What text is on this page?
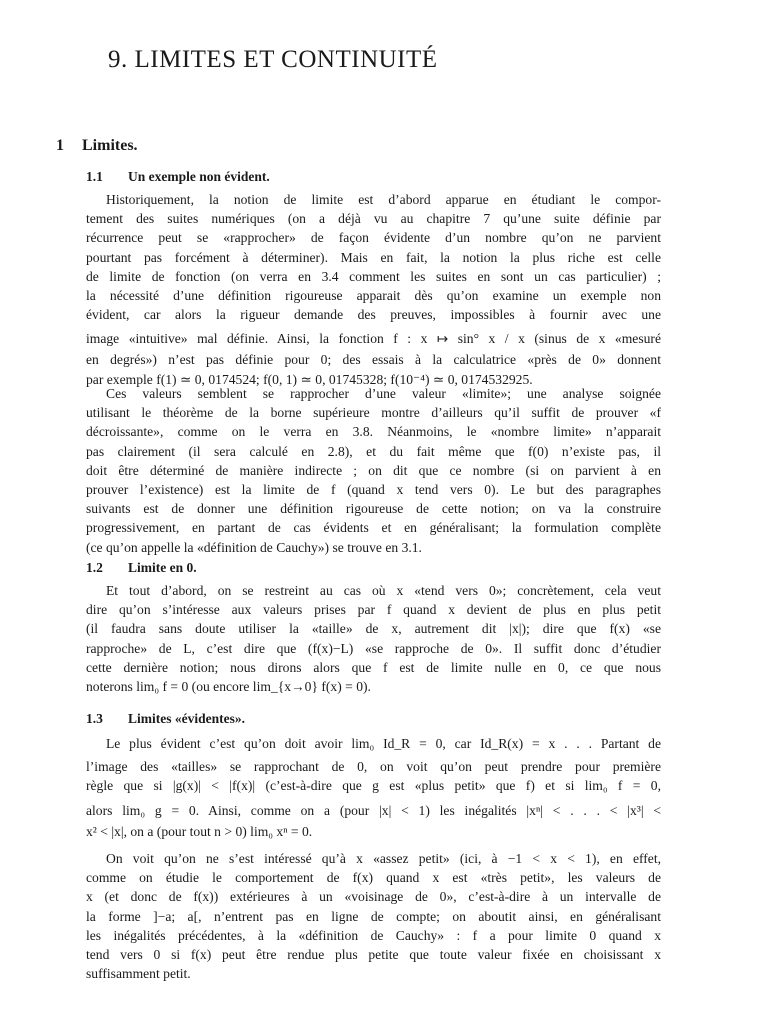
9. LIMITES ET CONTINUITÉ
1 Limites.
1.1 Un exemple non évident.
Historiquement, la notion de limite est d’abord apparue en étudiant le compor-
tement des suites numériques (on a déjà vu au chapitre 7 qu’une suite définie par
récurrence peut se «rapprocher» de façon évidente d’un nombre qu’on ne parvient
pourtant pas forcément à déterminer). Mais en fait, la notion la plus riche est celle
de limite de fonction (on verra en 3.4 comment les suites en sont un cas particulier) ;
la nécessité d’une définition rigoureuse apparait dès qu’on examine un exemple non
évident, car alors la rigueur demande des preuves, impossibles à fournir avec une
image «intuitive» mal définie. Ainsi, la fonction f : x ↦ sin° x / x (sinus de x «mesuré
en degrés») n’est pas définie pour 0; des essais à la calculatrice «près de 0» donnent
par exemple f(1) ≃ 0, 0174524; f(0, 1) ≃ 0, 01745328; f(10⁻⁴) ≃ 0, 0174532925.
Ces valeurs semblent se rapprocher d’une valeur «limite»; une analyse soignée
utilisant le théorème de la borne supérieure montre d’ailleurs qu’il suffit de prouver «f
décroissante», comme on le verra en 3.8. Néanmoins, le «nombre limite» n’apparait
pas clairement (il sera calculé en 2.8), et du fait même que f(0) n’existe pas, il
doit être déterminé de manière indirecte ; on dit que ce nombre (si on parvient à en
prouver l’existence) est la limite de f (quand x tend vers 0). Le but des paragraphes
suivants est de donner une définition rigoureuse de cette notion; on va la construire
progressivement, en partant de cas évidents et en généralisant; la formulation complète
(ce qu’on appelle la «définition de Cauchy») se trouve en 3.1.
1.2 Limite en 0.
Et tout d’abord, on se restreint au cas où x «tend vers 0»; concrètement, cela veut
dire qu’on s’intéresse aux valeurs prises par f quand x devient de plus en plus petit
(il faudra sans doute utiliser la «taille» de x, autrement dit |x|); dire que f(x) «se
rapproche» de L, c’est dire que (f(x)−L) «se rapproche de 0». Il suffit donc d’étudier
cette dernière notion; nous dirons alors que f est de limite nulle en 0, ce que nous
noterons lim₀ f = 0 (ou encore lim_{x→0} f(x) = 0).
1.3 Limites «évidentes».
Le plus évident c’est qu’on doit avoir lim₀ Id_R = 0, car Id_R(x) = x . . . Partant de
l’image des «tailles» se rapprochant de 0, on voit qu’on peut prendre pour première
règle que si |g(x)| < |f(x)| (c’est-à-dire que g est «plus petit» que f) et si lim₀ f = 0,
alors lim₀ g = 0. Ainsi, comme on a (pour |x| < 1) les inégalités |xⁿ| < . . . < |x³| <
x² < |x|, on a (pour tout n > 0) lim₀ xⁿ = 0.
On voit qu’on ne s’est intéressé qu’à x «assez petit» (ici, à −1 < x < 1), en effet,
comme on étudie le comportement de f(x) quand x est «très petit», les valeurs de
x (et donc de f(x)) extérieures à un «voisinage de 0», c’est-à-dire à un intervalle de
la forme ]−a; a[, n’entrent pas en ligne de compte; on aboutit ainsi, en généralisant
les inégalités précédentes, à la «définition de Cauchy» : f a pour limite 0 quand x
tend vers 0 si f(x) peut être rendue plus petite que toute valeur fixée en choisissant x
suffisamment petit.
